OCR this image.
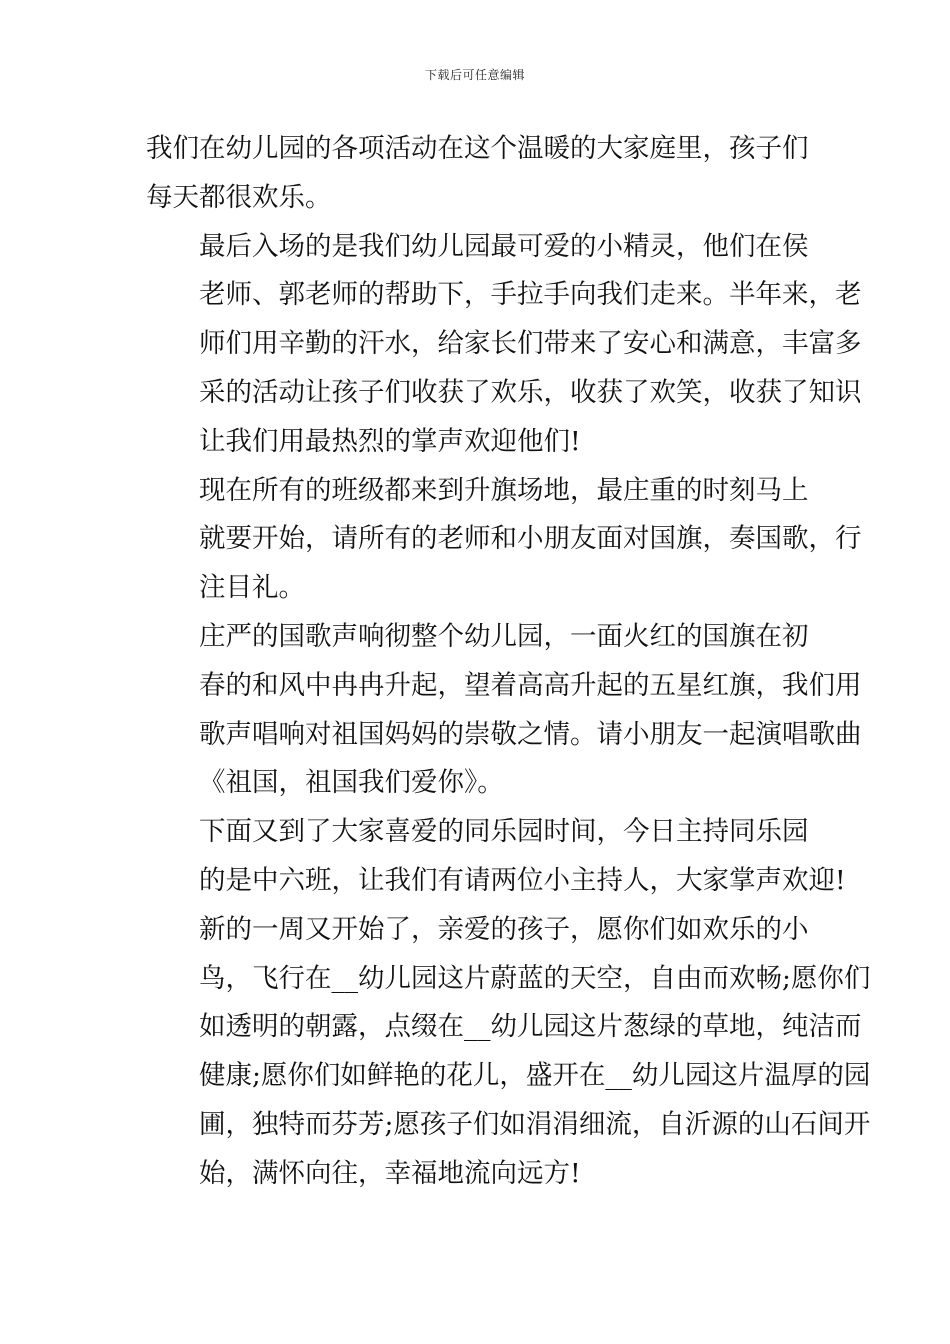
下载后可任意编辑

我们在幼儿园的各项活动在这个温暖的大家庭里，孩子们
每天都很欢乐。

最后入场的是我们幼儿园最可爱的小精灵，他们在侯
老师、郭老师的帮助下，手拉手向我们走来。半年来，老
师们用辛勤的汗水，给家长们带来了安心和满意，丰富多
采的活动让孩子们收获了欢乐，收获了欢笑，收获了知识
让我们用最热烈的掌声欢迎他们!

现在所有的班级都来到升旗场地，最庄重的时刻马上
就要开始，请所有的老师和小朋友面对国旗，奏国歌，行
注目礼。

庄严的国歌声响彻整个幼儿园，一面火红的国旗在初
春的和风中冉冉升起，望着高高升起的五星红旗，我们用
歌声唱响对祖国妈妈的崇敬之情。请小朋友一起演唱歌曲
《祖国，祖国我们爱你》。

下面又到了大家喜爱的同乐园时间，今日主持同乐园
的是中六班，让我们有请两位小主持人，大家掌声欢迎!

新的一周又开始了，亲爱的孩子，愿你们如欢乐的小
鸟，飞行在__幼儿园这片蔚蓝的天空，自由而欢畅;愿你们
如透明的朝露，点缀在__幼儿园这片葱绿的草地，纯洁而
健康;愿你们如鲜艳的花儿，盛开在__幼儿园这片温厚的园
圃，独特而芬芳;愿孩子们如涓涓细流，自沂源的山石间开
始，满怀向往，幸福地流向远方!
